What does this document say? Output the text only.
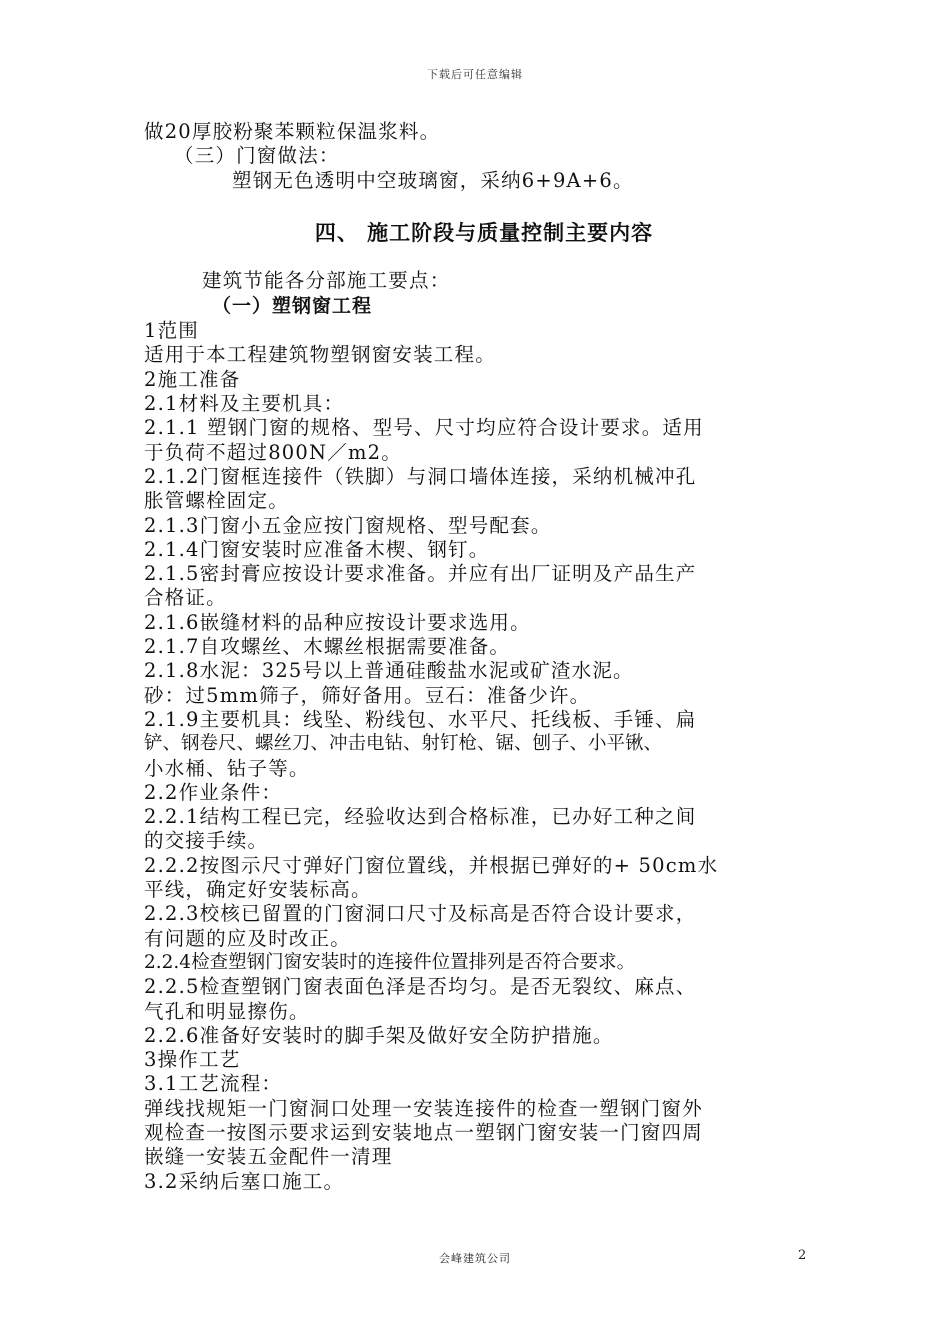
下载后可任意编辑
做20厚胶粉聚苯颗粒保温浆料。
（三）门窗做法：
塑钢无色透明中空玻璃窗，采纳6+9A+6。
四、 施工阶段与质量控制主要内容
建筑节能各分部施工要点：
（一）塑钢窗工程
1范围
适用于本工程建筑物塑钢窗安装工程。
2施工准备
2.1材料及主要机具：
2.1.1 塑钢门窗的规格、型号、尺寸均应符合设计要求。适用
于负荷不超过800N／m2。
2.1.2门窗框连接件（铁脚）与洞口墙体连接，采纳机械冲孔
胀管螺栓固定。
2.1.3门窗小五金应按门窗规格、型号配套。
2.1.4门窗安装时应准备木楔、钢钉。
2.1.5密封膏应按设计要求准备。并应有出厂证明及产品生产
合格证。
2.1.6嵌缝材料的品种应按设计要求选用。
2.1.7自攻螺丝、木螺丝根据需要准备。
2.1.8水泥：325号以上普通硅酸盐水泥或矿渣水泥。
砂：过5mm筛子，筛好备用。豆石：准备少许。
2.1.9主要机具：线坠、粉线包、水平尺、托线板、手锤、扁
铲、钢卷尺、螺丝刀、冲击电钻、射钉枪、锯、刨子、小平锹、
小水桶、钻子等。
2.2作业条件：
2.2.1结构工程已完，经验收达到合格标准，已办好工种之间
的交接手续。
2.2.2按图示尺寸弹好门窗位置线，并根据已弹好的+ 50cm水
平线，确定好安装标高。
2.2.3校核已留置的门窗洞口尺寸及标高是否符合设计要求，
有问题的应及时改正。
2.2.4检查塑钢门窗安装时的连接件位置排列是否符合要求。
2.2.5检查塑钢门窗表面色泽是否均匀。是否无裂纹、麻点、
气孔和明显擦伤。
2.2.6准备好安装时的脚手架及做好安全防护措施。
3操作工艺
3.1工艺流程：
弹线找规矩一门窗洞口处理一安装连接件的检查一塑钢门窗外
观检查一按图示要求运到安装地点一塑钢门窗安装一门窗四周
嵌缝一安装五金配件一清理
3.2采纳后塞口施工。
会峰建筑公司	2
